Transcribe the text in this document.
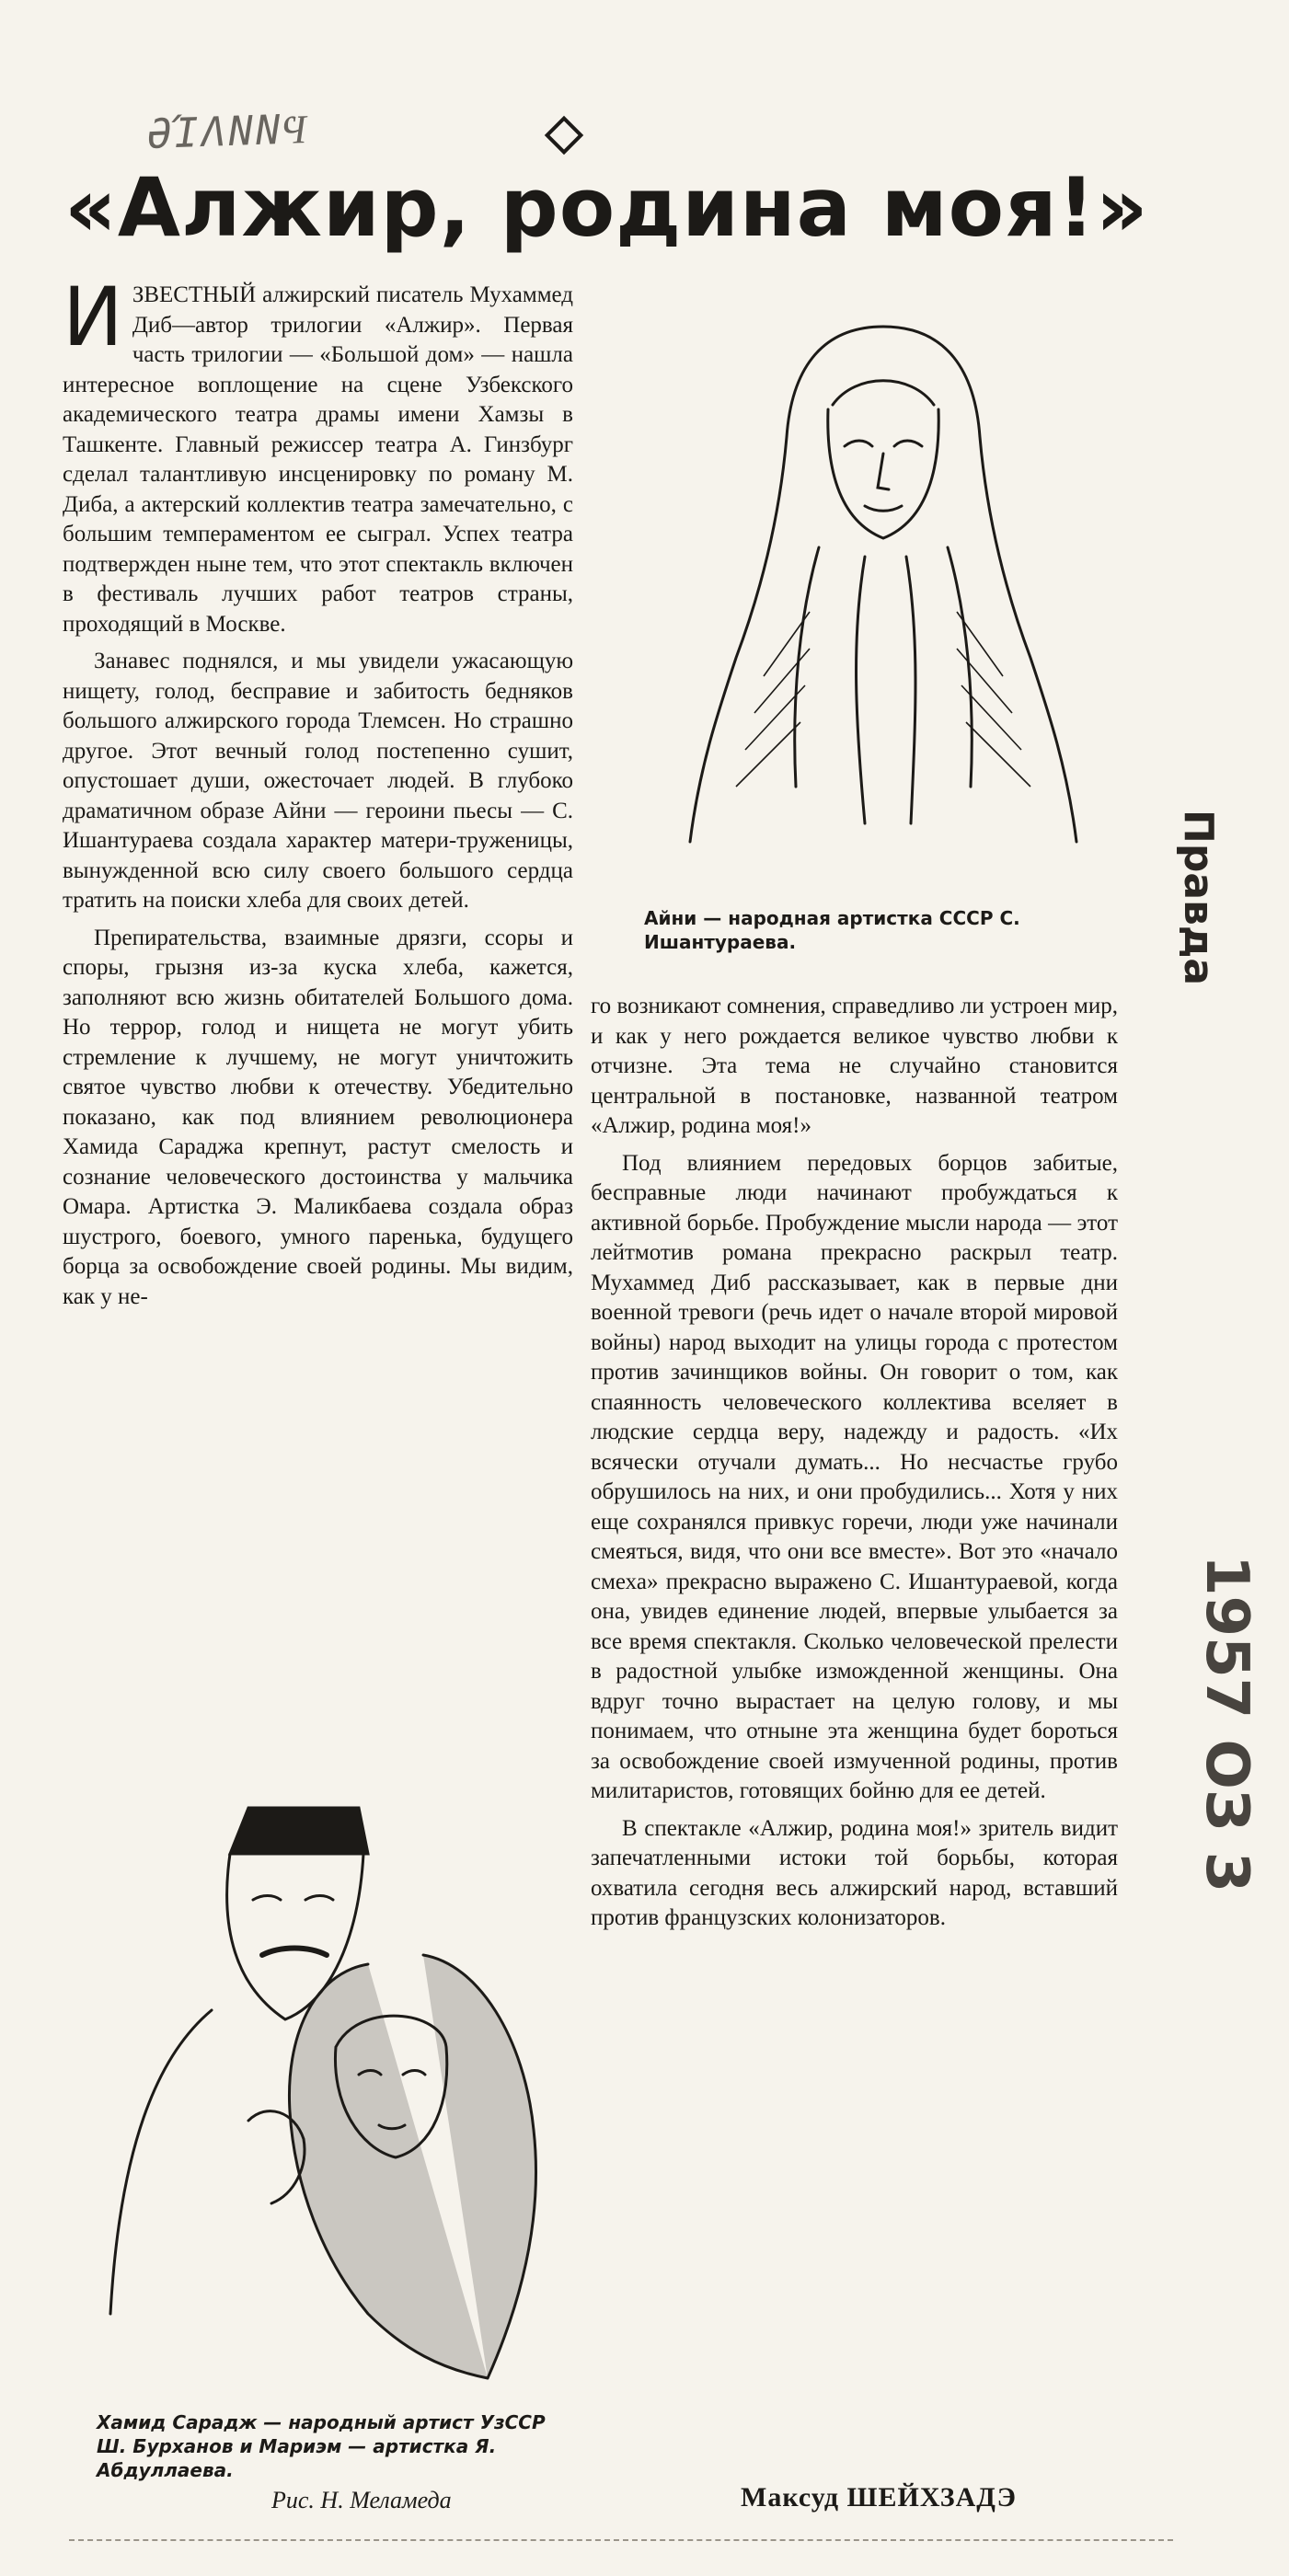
ƏΊΛΝΝϤ
«Алжир, родина моя!»

ИЗВЕСТНЫЙ алжирский писатель Мухаммед Диб—автор трилогии «Алжир». Первая часть трилогии — «Большой дом» — нашла интересное воплощение на сцене Узбекского академического театра драмы имени Хамзы в Ташкенте. Главный режиссер театра А. Гинзбург сделал талантливую инсценировку по роману М. Диба, а актерский коллектив театра замечательно, с большим темпераментом ее сыграл. Успех театра подтвержден ныне тем, что этот спектакль включен в фестиваль лучших работ театров страны, проходящий в Москве.

Занавес поднялся, и мы увидели ужасающую нищету, голод, бесправие и забитость бедняков большого алжирского города Тлемсен. Но страшно другое. Этот вечный голод постепенно сушит, опустошает души, ожесточает людей. В глубоко драматичном образе Айни — героини пьесы — С. Ишантураева создала характер матери-труженицы, вынужденной всю силу своего большого сердца тратить на поиски хлеба для своих детей.

Препирательства, взаимные дрязги, ссоры и споры, грызня из-за куска хлеба, кажется, заполняют всю жизнь обитателей Большого дома. Но террор, голод и нищета не могут убить стремление к лучшему, не могут уничтожить святое чувство любви к отечеству. Убедительно показано, как под влиянием революционера Хамида Сараджа крепнут, растут смелость и сознание человеческого достоинства у мальчика Омара. Артистка Э. Маликбаева создала образ шустрого, боевого, умного паренька, будущего борца за освобождение своей родины. Мы видим, как у не-

Айни — народная артистка СССР С. Ишантураева.

го возникают сомнения, справедливо ли устроен мир, и как у него рождается великое чувство любви к отчизне. Эта тема не случайно становится центральной в постановке, названной театром «Алжир, родина моя!»

Под влиянием передовых борцов забитые, бесправные люди начинают пробуждаться к активной борьбе. Пробуждение мысли народа — этот лейтмотив романа прекрасно раскрыл театр. Мухаммед Диб рассказывает, как в первые дни военной тревоги (речь идет о начале второй мировой войны) народ выходит на улицы города с протестом против зачинщиков войны. Он говорит о том, как спаянность человеческого коллектива вселяет в людские сердца веру, надежду и радость. «Их всячески отучали думать... Но несчастье грубо обрушилось на них, и они пробудились... Хотя у них еще сохранялся привкус горечи, люди уже начинали смеяться, видя, что они все вместе». Вот это «начало смеха» прекрасно выражено С. Ишантураевой, когда она, увидев единение людей, впервые улыбается за все время спектакля. Сколько человеческой прелести в радостной улыбке изможденной женщины. Она вдруг точно вырастает на целую голову, и мы понимаем, что отныне эта женщина будет бороться за освобождение своей измученной родины, против милитаристов, готовящих бойню для ее детей.

В спектакле «Алжир, родина моя!» зритель видит запечатленными истоки той борьбы, которая охватила сегодня весь алжирский народ, вставший против французских колонизаторов.

Хамид Сарадж — народный артист УзССР Ш. Бурханов и Мариэм — артистка Я. Абдуллаева.
Рис. Н. Меламеда	Максуд ШЕЙХЗАДЭ
Правда
1957 ОЗ 3
